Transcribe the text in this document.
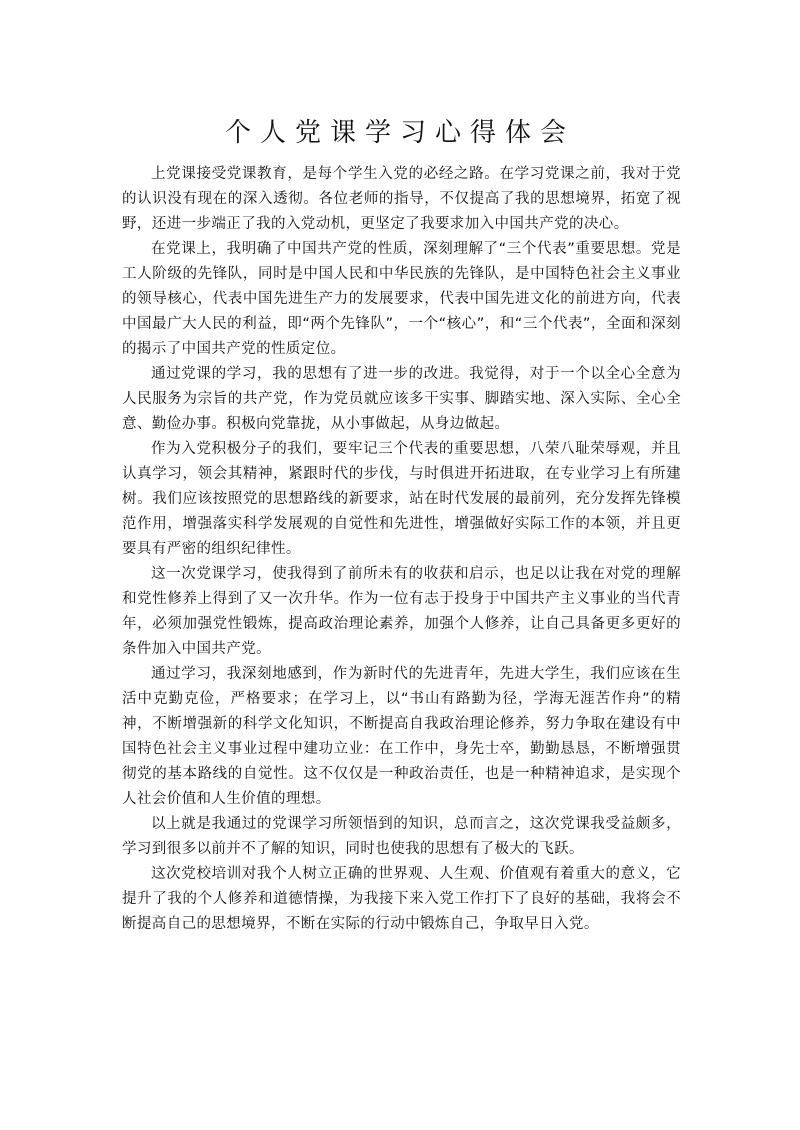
个人党课学习心得体会

上党课接受党课教育，是每个学生入党的必经之路。在学习党课之前，我对于党的认识没有现在的深入透彻。各位老师的指导，不仅提高了我的思想境界，拓宽了视野，还进一步端正了我的入党动机，更坚定了我要求加入中国共产党的决心。

在党课上，我明确了中国共产党的性质，深刻理解了“三个代表”重要思想。党是工人阶级的先锋队，同时是中国人民和中华民族的先锋队，是中国特色社会主义事业的领导核心，代表中国先进生产力的发展要求，代表中国先进文化的前进方向，代表中国最广大人民的利益，即“两个先锋队”，一个“核心”，和“三个代表”，全面和深刻的揭示了中国共产党的性质定位。

通过党课的学习，我的思想有了进一步的改进。我觉得，对于一个以全心全意为人民服务为宗旨的共产党，作为党员就应该多干实事、脚踏实地、深入实际、全心全意、勤俭办事。积极向党靠拢，从小事做起，从身边做起。

作为入党积极分子的我们，要牢记三个代表的重要思想，八荣八耻荣辱观，并且认真学习，领会其精神，紧跟时代的步伐，与时俱进开拓进取，在专业学习上有所建树。我们应该按照党的思想路线的新要求，站在时代发展的最前列，充分发挥先锋模范作用，增强落实科学发展观的自觉性和先进性，增强做好实际工作的本领，并且更要具有严密的组织纪律性。

这一次党课学习，使我得到了前所未有的收获和启示，也足以让我在对党的理解和党性修养上得到了又一次升华。作为一位有志于投身于中国共产主义事业的当代青年，必须加强党性锻炼，提高政治理论素养，加强个人修养，让自己具备更多更好的条件加入中国共产党。

通过学习，我深刻地感到，作为新时代的先进青年，先进大学生，我们应该在生活中克勤克俭，严格要求；在学习上，以“书山有路勤为径，学海无涯苦作舟”的精神，不断增强新的科学文化知识，不断提高自我政治理论修养，努力争取在建设有中国特色社会主义事业过程中建功立业：在工作中，身先士卒，勤勤恳恳，不断增强贯彻党的基本路线的自觉性。这不仅仅是一种政治责任，也是一种精神追求，是实现个人社会价值和人生价值的理想。

以上就是我通过的党课学习所领悟到的知识，总而言之，这次党课我受益颇多，学习到很多以前并不了解的知识，同时也使我的思想有了极大的飞跃。

这次党校培训对我个人树立正确的世界观、人生观、价值观有着重大的意义，它提升了我的个人修养和道德情操，为我接下来入党工作打下了良好的基础，我将会不断提高自己的思想境界，不断在实际的行动中锻炼自己，争取早日入党。
